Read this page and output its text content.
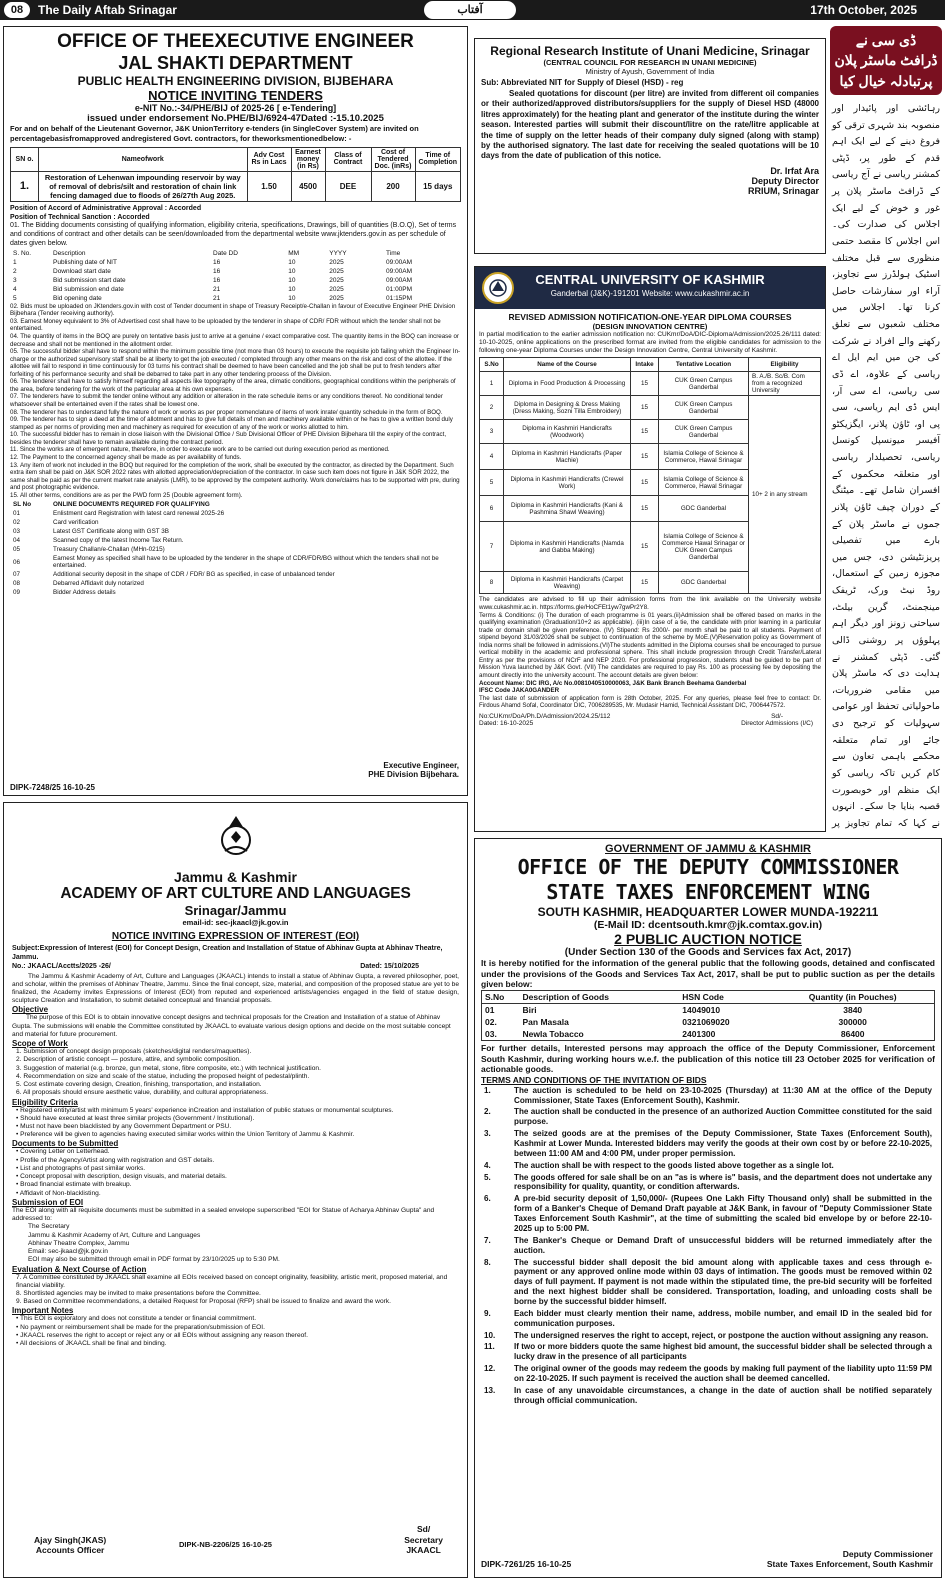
08	The Daily Aftab Srinagar	آفتاب	17th October, 2025
OFFICE OF THEEXECUTIVE ENGINEER
JAL SHAKTI DEPARTMENT
PUBLIC HEALTH ENGINEERING DIVISION, BIJBEHARA
NOTICE INVITING TENDERS
e-NIT No.:-34/PHE/BIJ of 2025-26 [ e-Tendering]
issued under endorsement No.PHE/BIJ/6924-47Dated :-15.10.2025
For and on behalf of the Lieutenant Governor, J&K UnionTerritory e-tenders (in SingleCover System) are invited on percentagebasisfromapproved andregistered Govt. contractors, for theworksmentionedbelow: -
SN o.	Nameofwork	Adv Cost Rs in Lacs	Earnest money (in Rs)	Class of Contract	Cost of Tendered Doc. (inRs)	Time of Completion
1.	Restoration of Lehenwan impounding reservoir by way of removal of debris/silt and restoration of chain link fencing damaged due to floods of 26/27th Aug 2025.	1.50	4500	DEE	200	15 days
Position of Accord of Administrative Approval : Accorded
Position of Technical Sanction : Accorded
01. The Bidding documents consisting of qualifying information, eligibility criteria, specifications, Drawings, bill of quantities (B.O.Q), Set of terms and conditions of contract and other details can be seen/downloaded from the departmental website www.jktenders.gov.in as per schedule of dates given below.
S. No.	Description	Date DD	MM	YYYY	Time
1	Publishing date of NIT	16	10	2025	09:00AM
2	Download start date	16	10	2025	09:00AM
3	Bid submission start date	16	10	2025	09:00AM
4	Bid submission end date	21	10	2025	01:00PM
5	Bid opening date	21	10	2025	01:15PM
02. Bids must be uploaded on JKtenders.gov.in with cost of Tender document in shape of Treasury Receipt/e-Challan in favour of Executive Engineer PHE Division Bijbehara (Tender receiving authority).
03. Earnest Money equivalent to 3% of Advertised cost shall have to be uploaded by the tenderer in shape of CDR/ FDR without which the tender shall not be entertained.
04. The quantity of items in the BOQ are purely on tentative basis just to arrive at a genuine / exact comparative cost. The quantity items in the BOQ can increase or decrease and shall not be mentioned in the allotment order.
05. The successful bidder shall have to respond within the minimum possible time (not more than 03 hours) to execute the requisite job failing which the Engineer In-charge or the authorized supervisory staff shall be at liberty to get the job executed / completed through any other means on the risk and cost of the allottee. If the allottee will fail to respond in time continuously for 03 turns his contract shall be deemed to have been cancelled and the job shall be put to fresh tenders after forfeiting of his performance security and shall be debarred to take part in any other tendering process of the Division.
06. The tenderer shall have to satisfy himself regarding all aspects like topography of the area, climatic conditions, geographical conditions within the peripherals of the area, before tendering for the work of the particular area at his own expenses.
07. The tenderers have to submit the tender online without any addition or alteration in the rate schedule items or any conditions thereof. No conditional tender whatsoever shall be entertained even if the rates shall be lowest one.
08. The tenderer has to understand fully the nature of work or works as per proper nomenclature of items of work inrate/ quantity schedule in the form of BOQ.
09. The tenderer has to sign a deed at the time of allotment and has to give full details of men and machinery available within or he has to give a written bond duly stamped as per norms of providing men and machinery as required for execution of any of the work or works allotted to him.
10. The successful bidder has to remain in close liaison with the Divisional Office / Sub Divisional Officer of PHE Division Bijbehara till the expiry of the contract, besides the tenderer shall have to remain available during the contract period.
11. Since the works are of emergent nature, therefore, in order to execute work are to be carried out during execution period as mentioned.
12. The Payment to the concerned agency shall be made as per availability of funds.
13. Any item of work not included in the BOQ but required for the completion of the work, shall be executed by the contractor, as directed by the Department. Such extra item shall be paid on J&K SOR 2022 rates with allotted appreciation/depreciation of the contractor. In case such item does not figure in J&K SOR 2022, the same shall be paid as per the current market rate analysis (LMR), to be approved by the competent authority. Work done/claims has to be supported with pre, during and post photographic evidence.
15. All other terms, conditions are as per the PWD form 25 (Double agreement form).
SL No	ONLINE DOCUMENTS REQUIRED FOR QUALIFYING
01	Enlistment card Registration with latest card renewal 2025-26
02	Card verification
03	Latest GST Certificate along with GST 3B
04	Scanned copy of the latest Income Tax Return.
05	Treasury Challan/e-Challan (MHn-0215)
06	Earnest Money as specified shall have to be uploaded by the tenderer in the shape of CDR/FDR/BG without which the tenders shall not be entertained.
07	Additional security deposit in the shape of CDR / FDR/ BG as specified, in case of unbalanced tender
08	Debarred Affidavit duly notarized
09	Bidder Address details
Executive Engineer,
PHE Division Bijbehara.
DIPK-7248/25 16-10-25
Regional Research Institute of Unani Medicine, Srinagar
(CENTRAL COUNCIL FOR RESEARCH IN UNANI MEDICINE)
Ministry of Ayush, Government of India
Sub: Abbreviated NIT for Supply of Diesel (HSD) - reg
Sealed quotations for discount (per litre) are invited from different oil companies or their authorized/approved distributors/suppliers for the supply of Diesel HSD (48000 litres approximately) for the heating plant and generator of the institute during the winter season. Interested parties will submit their discount/litre on the rate/litre applicable at the time of supply on the letter heads of their company duly signed (along with stamp) by the authorised signatory. The last date for receiving the sealed quotations will be 10 days from the date of publication of this notice.
Dr. Irfat Ara
Deputy Director
RRIUM, Srinagar
ڈی سی نے
ڈرافٹ ماسٹر پلان
پرتبادلہ خیال کیا
رہائشی اور پائیدار اور منصوبہ بند شہری ترقی کو فروغ دینے کے لیے ایک اہم قدم کے طور پر، ڈپٹی کمشنر ریاسی نے آج ریاسی کے ڈرافٹ ماسٹر پلان پر غور و خوض کے لیے ایک اجلاس کی صدارت کی۔ اس اجلاس کا مقصد حتمی منظوری سے قبل مختلف اسٹیک ہولڈرز سے تجاویز، آراء اور سفارشات حاصل کرنا تھا۔ اجلاس میں مختلف شعبوں سے تعلق رکھنے والے افراد نے شرکت کی جن میں ایم ایل اے ریاسی کے علاوہ، اے ڈی سی ریاسی، اے سی آر، ایس ڈی ایم ریاسی، سی پی او، ٹاؤن پلانر، ایگزیکٹو آفیسر میونسپل کونسل ریاسی، تحصیلدار ریاسی اور متعلقہ محکموں کے افسران شامل تھے۔ میٹنگ کے دوران چیف ٹاؤن پلانر جموں نے ماسٹر پلان کے بارے میں تفصیلی پریزنٹیشن دی، جس میں مجوزہ زمین کے استعمال، روڈ نیٹ ورک، ٹریفک مینجمنٹ، گرین بیلٹ، سیاحتی زونز اور دیگر اہم پہلوؤں پر روشنی ڈالی گئی۔ ڈپٹی کمشنر نے ہدایت دی کہ ماسٹر پلان میں مقامی ضروریات، ماحولیاتی تحفظ اور عوامی سہولیات کو ترجیح دی جائے اور تمام متعلقہ محکمے باہمی تعاون سے کام کریں تاکہ ریاسی کو ایک منظم اور خوبصورت قصبہ بنایا جا سکے۔ انہوں نے کہا کہ تمام تجاویز پر
CENTRAL UNIVERSITY OF KASHMIR
Ganderbal (J&K)-191201 Website: www.cukashmir.ac.in
REVISED ADMISSION NOTIFICATION-ONE-YEAR DIPLOMA COURSES
(DESIGN INNOVATION CENTRE)
In partial modification to the earlier admission notification no: CUKmr/DoA/DIC-Diploma/Admission/2025.26/111 dated: 10-10-2025, online applications on the prescribed format are invited from the eligible candidates for admission to the following one-year Diploma Courses under the Design Innovation Centre, Central University of Kashmir.
S.No	Name of the Course	Intake	Tentative Location	Eligibility
1	Diploma in Food Production & Processing	15	CUK Green Campus Ganderbal	B. A./B. Sc/B. Com from a recognized University
2	Diploma in Designing & Dress Making (Dress Making, Sozni Tilla Embroidery)	15	CUK Green Campus Ganderbal	10+ 2 in any stream
3	Diploma in Kashmiri Handicrafts (Woodwork)	15	CUK Green Campus Ganderbal	
4	Diploma in Kashmiri Handicrafts (Paper Machie)	15	Islamia College of Science & Commerce, Hawal Srinagar	
5	Diploma in Kashmiri Handicrafts (Crewel Work)	15	Islamia College of Science & Commerce, Hawal Srinagar	
6	Diploma in Kashmiri Handicrafts (Kani & Pashmina Shawl Weaving)	15	GDC Ganderbal	
7	Diploma in Kashmiri Handicrafts (Namda and Gabba Making)	15	Islamia College of Science & Commerce Hawal Srinagar or CUK Green Campus Ganderbal	
8	Diploma in Kashmiri Handicrafts (Carpet Weaving)	15	GDC Ganderbal	
The candidates are advised to fill up their admission forms from the link available on the University website www.cukashmir.ac.in. https://forms.gle/HoCFEt1yw7gwPr2Y8.
Terms & Conditions: (i) The duration of each programme is 01 years.(ii)Admission shall be offered based on marks in the qualifying examination (Graduation/10+2 as applicable). (iii)In case of a tie, the candidate with prior learning in a particular trade or domain shall be given preference. (IV) Stipend: Rs 2000/- per month shall be paid to all students. Payment of stipend beyond 31/03/2026 shall be subject to continuation of the scheme by MoE.(V)Reservation policy as Government of India norms shall be followed in admissions.(VI)The students admitted in the Diploma courses shall be encouraged to pursue vertical mobility in the academic and professional sphere. This shall include progression through Credit Transfer/Lateral Entry as per the provisions of NCrF and NEP 2020. For professional progression, students shall be guided to be part of Mission Yuva launched by J&K Govt. (VII) The candidates are required to pay Rs. 100 as processing fee by depositing the amount directly into the university account. The account details are given below:
Account Name: DIC IRG, A/c No.0081040510000063, J&K Bank Branch Beehama Ganderbal
IFSC Code JAKA0GANDER
The last date of submission of application form is 28th October, 2025. For any queries, please feel free to contact: Dr. Firdous Ahamd Sofal, Coordinator DIC, 7006289535, Mr. Mudasir Hamid, Technical Assistant DIC, 7006447572.
No:CUKmr/DoA/Ph.D/Admission/2024.25/112
Dated: 16-10-2025
Sd/-
Director Admissions (I/C)
Jammu & Kashmir
ACADEMY OF ART CULTURE AND LANGUAGES
Srinagar/Jammu
email-id: sec-jkaacl@jk.gov.in
NOTICE INVITING EXPRESSION OF INTEREST (EOI)
Subject:Expression of Interest (EOI) for Concept Design, Creation and Installation of Statue of Abhinav Gupta at Abhinav Theatre, Jammu.
No.: JKAACL/Acctts/2025 -26/	Dated: 15/10/2025
The Jammu & Kashmir Academy of Art, Culture and Languages (JKAACL) intends to install a statue of Abhinav Gupta, a revered philosopher, poet, and scholar, within the premises of Abhinav Theatre, Jammu. Since the final concept, size, material, and composition of the proposed statue are yet to be finalized, the Academy invites Expressions of Interest (EOI) from reputed and experienced artists/agencies engaged in the field of statue design, sculpture Creation and Installation, to submit detailed conceptual and financial proposals.
Objective
The purpose of this EOI is to obtain innovative concept designs and technical proposals for the Creation and Installation of a statue of Abhinav Gupta. The submissions will enable the Committee constituted by JKAACL to evaluate various design options and decide on the most suitable concept and material for future procurement.
Scope of Work
1. Submission of concept design proposals (sketches/digital renders/maquettes).
2. Description of artistic concept — posture, attire, and symbolic composition.
3. Suggestion of material (e.g. bronze, gun metal, stone, fibre composite, etc.) with technical justification.
4. Recommendation on size and scale of the statue, including the proposed height of pedestal/plinth.
5. Cost estimate covering design, Creation, finishing, transportation, and installation.
6. All proposals should ensure aesthetic value, durability, and cultural appropriateness.
Eligibility Criteria
• Registered entity/artist with minimum 5 years' experience inCreation and installation of public statues or monumental sculptures.
• Should have executed at least three similar projects (Government / Institutional).
• Must not have been blacklisted by any Government Department or PSU.
• Preference will be given to agencies having executed similar works within the Union Territory of Jammu & Kashmir.
Documents to be Submitted
• Covering Letter on Letterhead.
• Profile of the Agency/Artist along with registration and GST details.
• List and photographs of past similar works.
• Concept proposal with description, design visuals, and material details.
• Broad financial estimate with breakup.
• Affidavit of Non-blacklisting.
Submission of EOI
The EOI along with all requisite documents must be submitted in a sealed envelope superscribed "EOI for Statue of Acharya Abhinav Gupta" and addressed to:
The Secretary
Jammu & Kashmir Academy of Art, Culture and Languages
Abhinav Theatre Complex, Jammu
Email: sec-jkaacl@jk.gov.in
EOI may also be submitted through email in PDF format by 23/10/2025 up to 5:30 PM.
Evaluation & Next Course of Action
7. A Committee constituted by JKAACL shall examine all EOIs received based on concept originality, feasibility, artistic merit, proposed material, and financial viability.
8. Shortlisted agencies may be invited to make presentations before the Committee.
9. Based on Committee recommendations, a detailed Request for Proposal (RFP) shall be issued to finalize and award the work.
Important Notes
• This EOI is exploratory and does not constitute a tender or financial commitment.
• No payment or reimbursement shall be made for the preparation/submission of EOI.
• JKAACL reserves the right to accept or reject any or all EOIs without assigning any reason thereof.
• All decisions of JKAACL shall be final and binding.
Ajay Singh(JKAS)
Accounts Officer
Sd/
Secretary
JKAACL
DIPK-NB-2206/25 16-10-25
GOVERNMENT OF JAMMU & KASHMIR
OFFICE OF THE DEPUTY COMMISSIONER
STATE TAXES ENFORCEMENT WING
SOUTH KASHMIR, HEADQUARTER LOWER MUNDA-192211
(E-Mail ID: dcentsouth.kmr@jk.comtax.gov.in)
2 PUBLIC AUCTION NOTICE
(Under Section 130 of the Goods and Services fax Act, 2017)
It is hereby notified for the information of the general public that the following goods, detained and confiscated under the provisions of the Goods and Services Tax Act, 2017, shall be put to public suction as per the details given below:
S.No	Description of Goods	HSN Code	Quantity (in Pouches)
01	Biri	14049010	3840
02.	Pan Masala	0321069020	300000
03.	Newla Tobacco	2401300	86400
For further details, Interested persons may approach the office of the Deputy Commissioner, Enforcement South Kashmir, during working hours w.e.f. the publication of this notice till 23 October 2025 for verification of actionable goods.
TERMS AND CONDITIONS OF THE INVITATION OF BIDS
1.	The auction is scheduled to be held on 23-10-2025 (Thursday) at 11:30 AM at the office of the Deputy Commissioner, State Taxes (Enforcement South), Kashmir.
2.	The auction shall be conducted in the presence of an authorized Auction Committee constituted for the said purpose.
3.	The seized goods are at the premises of the Deputy Commissioner, State Taxes (Enforcement South), Kashmir at Lower Munda. Interested bidders may verify the goods at their own cost by or before 22-10-2025, between 11:00 AM and 4:00 PM, under proper permission.
4.	The auction shall be with respect to the goods listed above together as a single lot.
5.	The goods offered for sale shall be on an "as is where is" basis, and the department does not undertake any responsibility for quality, quantity, or condition afterwards.
6.	A pre-bid security deposit of 1,50,000/- (Rupees One Lakh Fifty Thousand only) shall be submitted in the form of a Banker's Cheque of Demand Draft payable at J&K Bank, in favour of "Deputy Commissioner State Taxes Enforcement South Kashmir", at the time of submitting the scaled bid envelope by or before 22-10-2025 up to 5:00 PM.
7.	The Banker's Cheque or Demand Draft of unsuccessful bidders will be returned immediately after the auction.
8.	The successful bidder shall deposit the bid amount along with applicable taxes and cess through e- payment or any approved online mode within 03 days of intimation. The goods must be removed within 02 days of full payment. If payment is not made within the stipulated time, the pre-bid security will be forfeited and the next highest bidder shall be considered. Transportation, loading, and unloading costs shall be borne by the successful bidder himself.
9.	Each bidder must clearly mention their name, address, mobile number, and email ID in the sealed bid for communication purposes.
10.	The undersigned reserves the right to accept, reject, or postpone the auction without assigning any reason.
11.	If two or more bidders quote the same highest bid amount, the successful bidder shall be selected through a lucky draw in the presence of all participants
12.	The original owner of the goods may redeem the goods by making full payment of the liability upto 11:59 PM on 22-10-2025. If such payment is received the auction shall be deemed cancelled.
13.	In case of any unavoidable circumstances, a change in the date of auction shall be notified separately through official communication.
Deputy Commissioner
State Taxes Enforcement, South Kashmir
DIPK-7261/25 16-10-25
